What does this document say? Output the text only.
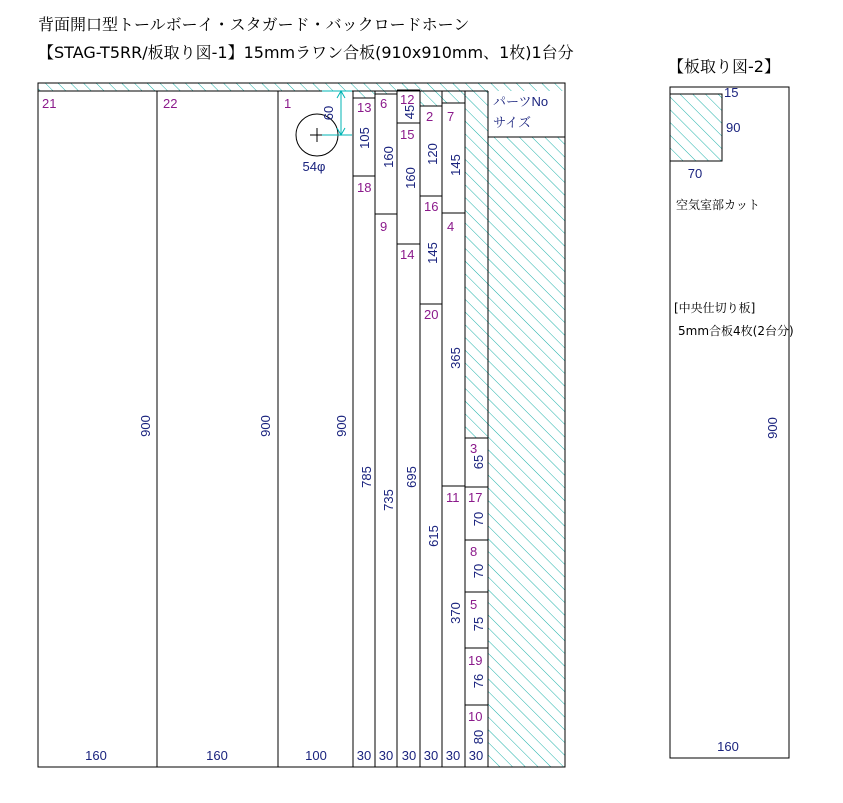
背面開口型トールボーイ・スタガード・バックロードホーン
【STAG-T5RR/板取り図-1】15mmラワン合板(910x910mm、1枚)1台分
【板取り図-2】
160	160	100 30 30 30 30 30 30
21	22	1	13
18
6
9
12
15
14
2
16
20
7
4
11
3
17
8
5
19
10
900	900	900
105
785
160
735
45
160
695
120
145
615
145
365
370
65
70
70
75
76
80
パーツNo
サイズ
54φ
60
15
90
70
空気室部カット
[中央仕切り板]
5mm合板4枚(2台分)
900
160
